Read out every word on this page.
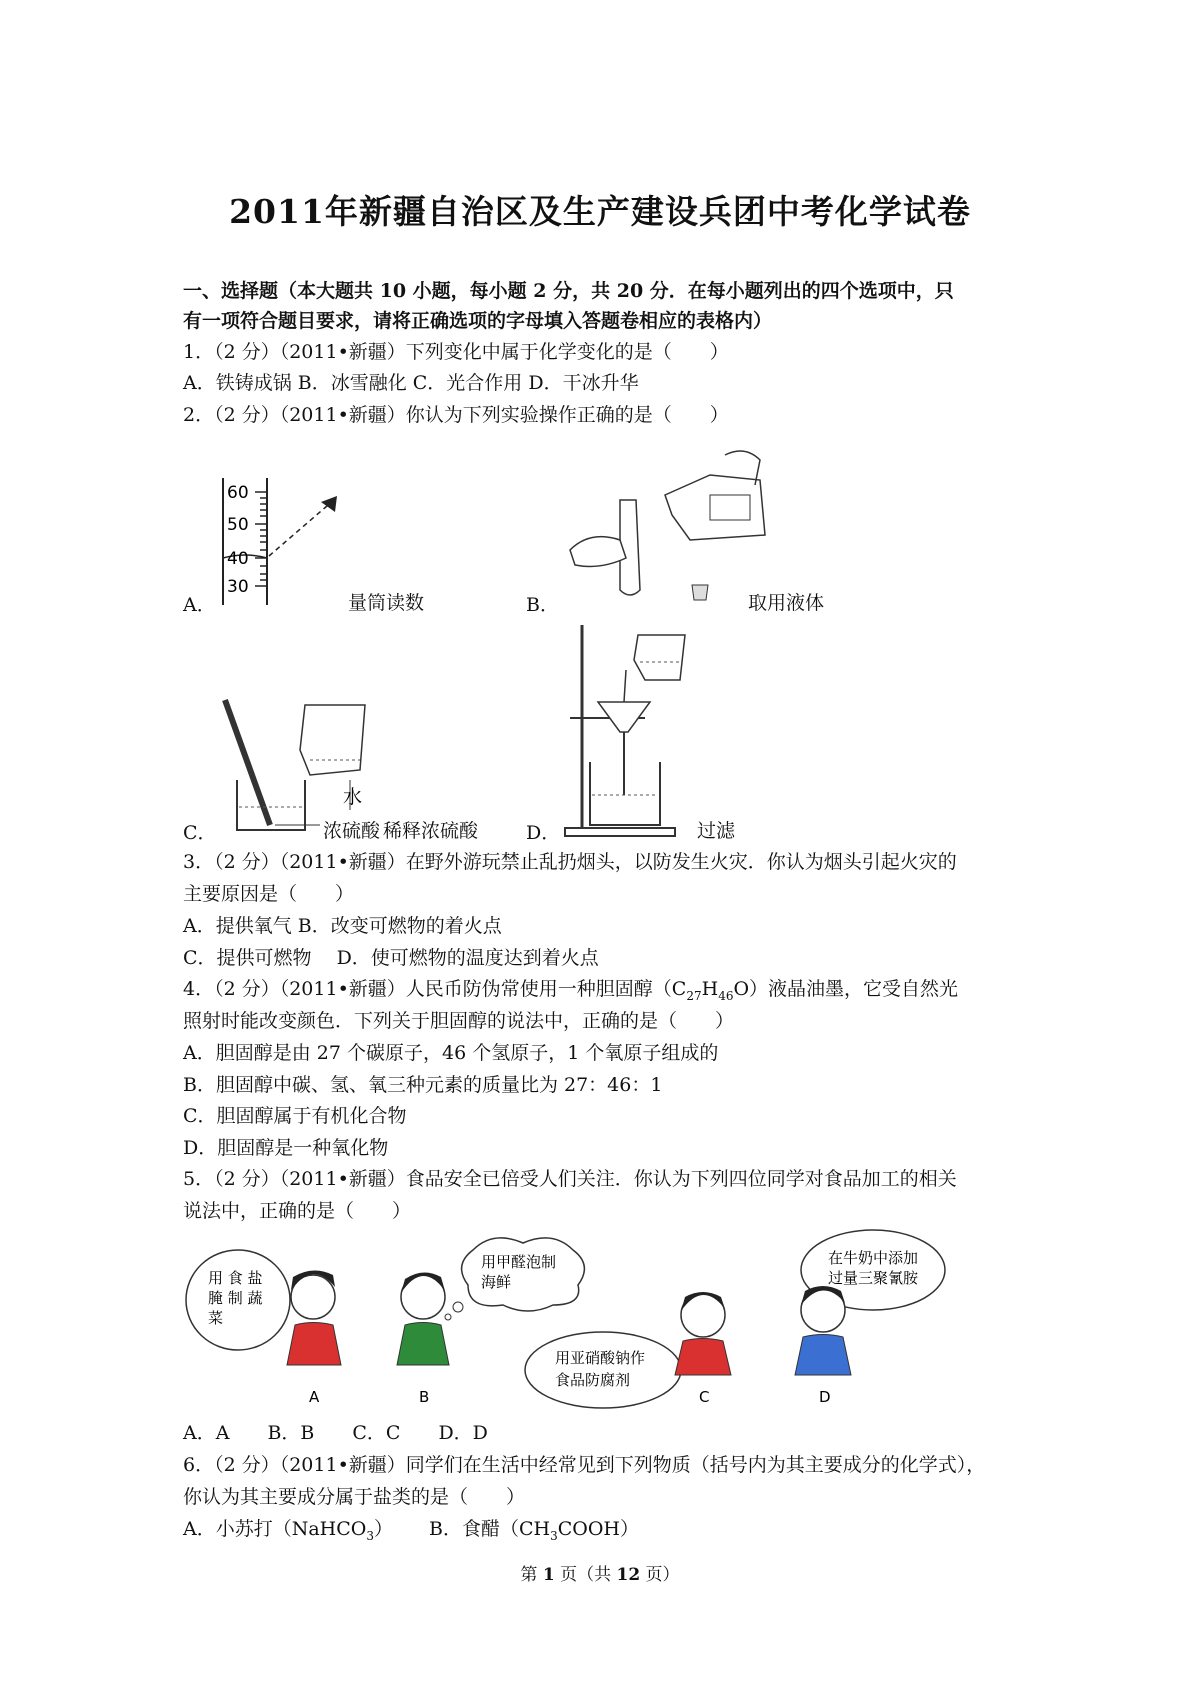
2011年新疆自治区及生产建设兵团中考化学试卷
一、选择题（本大题共 10 小题，每小题 2 分，共 20 分．在每小题列出的四个选项中，只
有一项符合题目要求，请将正确选项的字母填入答题卷相应的表格内）
1．（2 分）（2011•新疆）下列变化中属于化学变化的是（　　）
A．铁铸成锅 B．冰雪融化 C．光合作用 D．干冰升华
2．（2 分）（2011•新疆）你认为下列实验操作正确的是（　　）
60
50
40
30
A．	量筒读数	B．	取用液体
水
C．	浓硫酸 稀释浓硫酸	D．	过滤
3．（2 分）（2011•新疆）在野外游玩禁止乱扔烟头，以防发生火灾．你认为烟头引起火灾的
主要原因是（　　）
A．提供氧气 B．改变可燃物的着火点
C．提供可燃物　 D．使可燃物的温度达到着火点
4．（2 分）（2011•新疆）人民币防伪常使用一种胆固醇$(C_{27}H_{46}O)$液晶油墨，它受自然光
照射时能改变颜色．下列关于胆固醇的说法中，正确的是（　　）
A．胆固醇是由 27 个碳原子，46 个氢原子，1 个氧原子组成的
B．胆固醇中碳、氢、氧三种元素的质量比为 27：46：1
C．胆固醇属于有机化合物
D．胆固醇是一种氧化物
5．（2 分）（2011•新疆）食品安全已倍受人们关注．你认为下列四位同学对食品加工的相关
说法中，正确的是（　　）
用 食 盐
腌 制 蔬
菜
A
用甲醛泡制
海鲜
B
用亚硝酸钠作
食品防腐剂
C
在牛奶中添加
过量三聚氰胺
D
A．A　　B．B　　C．C　　D．D
6．（2 分）（2011•新疆）同学们在生活中经常见到下列物质（括号内为其主要成分的化学式），
你认为其主要成分属于盐类的是（　　）
A．小苏打（NaHCO$_3$） B．食醋$(CH_3COOH)$
第 1 页（共 12 页）
